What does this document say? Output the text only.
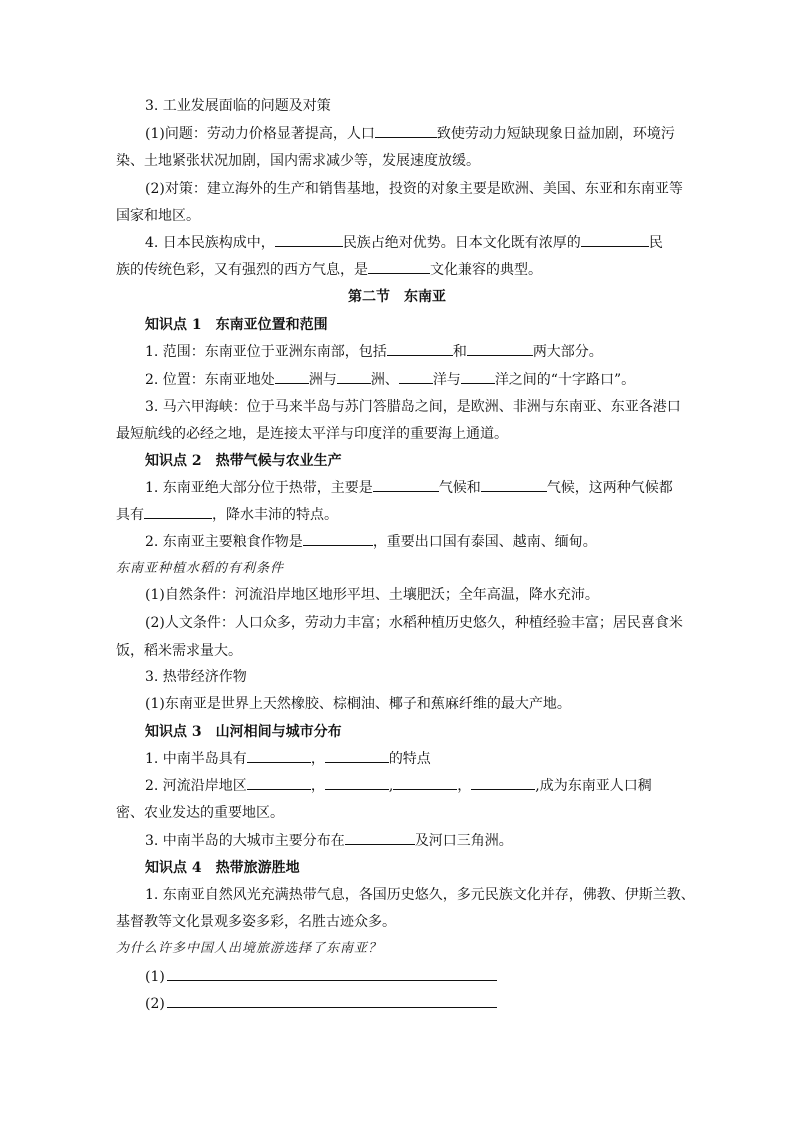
3. 工业发展面临的问题及对策
(1)问题：劳动力价格显著提高，人口	致使劳动力短缺现象日益加剧，环境污
染、土地紧张状况加剧，国内需求减少等，发展速度放缓。
(2)对策：建立海外的生产和销售基地，投资的对象主要是欧洲、美国、东亚和东南亚等
国家和地区。
4. 日本民族构成中，	民族占绝对优势。日本文化既有浓厚的	民
族的传统色彩，又有强烈的西方气息，是	文化兼容的典型。
第二节　东南亚
知识点 1　东南亚位置和范围
1. 范围：东南亚位于亚洲东南部，包括	和	两大部分。
2. 位置：东南亚地处 洲与 洲、 洋与 洋之间的“十字路口”。
3. 马六甲海峡：位于马来半岛与苏门答腊岛之间，是欧洲、非洲与东南亚、东亚各港口
最短航线的必经之地，是连接太平洋与印度洋的重要海上通道。
知识点 2　热带气候与农业生产
1. 东南亚绝大部分位于热带，主要是	气候和	气候，这两种气候都
具有	，降水丰沛的特点。
2. 东南亚主要粮食作物是	，重要出口国有泰国、越南、缅甸。
东南亚种植水稻的有利条件
(1)自然条件：河流沿岸地区地形平坦、土壤肥沃；全年高温，降水充沛。
(2)人文条件：人口众多，劳动力丰富；水稻种植历史悠久，种植经验丰富；居民喜食米
饭，稻米需求量大。
3. 热带经济作物
(1)东南亚是世界上天然橡胶、棕榈油、椰子和蕉麻纤维的最大产地。
知识点 3　山河相间与城市分布
1. 中南半岛具有	，	的特点
2. 河流沿岸地区	，	,	，	,成为东南亚人口稠
密、农业发达的重要地区。
3. 中南半岛的大城市主要分布在	及河口三角洲。
知识点 4　热带旅游胜地
1. 东南亚自然风光充满热带气息，各国历史悠久，多元民族文化并存，佛教、伊斯兰教、
基督教等文化景观多姿多彩，名胜古迹众多。
为什么许多中国人出境旅游选择了东南亚？
(1)
(2)
